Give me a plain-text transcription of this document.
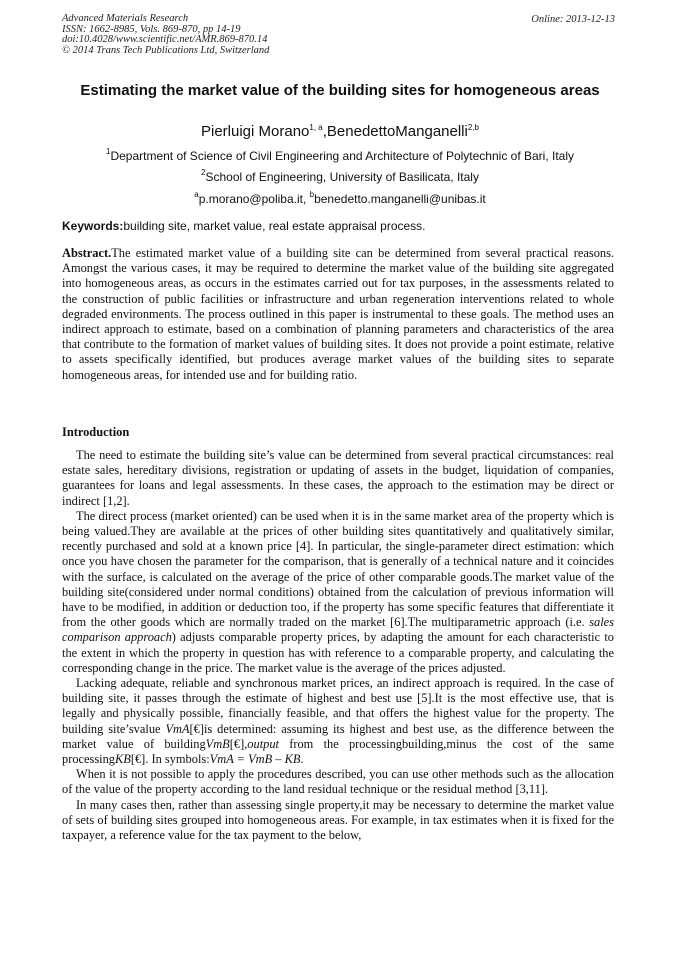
Advanced Materials Research
ISSN: 1662-8985, Vols. 869-870, pp 14-19
doi:10.4028/www.scientific.net/AMR.869-870.14
© 2014 Trans Tech Publications Ltd, Switzerland
Online: 2013-12-13
Estimating the market value of the building sites for homogeneous areas
Pierluigi Morano$^{1, a}$,BenedettoManganelli$^{2,b}$
$^1$Department of Science of Civil Engineering and Architecture of Polytechnic of Bari, Italy
$^2$School of Engineering, University of Basilicata, Italy
$^a$p.morano@poliba.it, $^b$benedetto.manganelli@unibas.it
Keywords:building site, market value, real estate appraisal process.
Abstract.The estimated market value of a building site can be determined from several practical reasons. Amongst the various cases, it may be required to determine the market value of the building site aggregated into homogeneous areas, as occurs in the estimates carried out for tax purposes, in the assessments related to the construction of public facilities or infrastructure and urban regeneration interventions related to whole degraded environments. The process outlined in this paper is instrumental to these goals. The method uses an indirect approach to estimate, based on a combination of planning parameters and characteristics of the area that contribute to the formation of market values of building sites. It does not provide a point estimate, relative to assets specifically identified, but produces average market values of the building sites to separate homogeneous areas, for intended use and for building ratio.
Introduction

The need to estimate the building site’s value can be determined from several practical circumstances: real estate sales, hereditary divisions, registration or updating of assets in the budget, liquidation of companies, guarantees for loans and legal assessments. In these cases, the approach to the estimation may be direct or indirect [1,2].

The direct process (market oriented) can be used when it is in the same market area of the property which is being valued.They are available at the prices of other building sites quantitatively and qualitatively similar, recently purchased and sold at a known price [4]. In particular, the single-parameter direct estimation: which once you have chosen the parameter for the comparison, that is generally of a technical nature and it coincides with the surface, is calculated on the average of the price of other comparable goods.The market value of the building site(considered under normal conditions) obtained from the calculation of previous information will have to be modified, in addition or deduction too, if the property has some specific features that differentiate it from the other goods which are normally traded on the market [6].The multiparametric approach (i.e. sales comparison approach) adjusts comparable property prices, by adapting the amount for each characteristic to the extent in which the property in question has with reference to a comparable property, and calculating the corresponding change in the price. The market value is the average of the prices adjusted.

Lacking adequate, reliable and synchronous market prices, an indirect approach is required. In the case of building site, it passes through the estimate of highest and best use [5].It is the most effective use, that is legally and physically possible, financially feasible, and that offers the highest value for the property. The building site’svalue VmA[€]is determined: assuming its highest and best use, as the difference between the market value of buildingVmB[€],output from the processingbuilding,minus the cost of the same processingKB[€]. In symbols:VmA = VmB – KB.

When it is not possible to apply the procedures described, you can use other methods such as the allocation of the value of the property according to the land residual technique or the residual method [3,11].

In many cases then, rather than assessing single property,it may be necessary to determine the market value of sets of building sites grouped into homogeneous areas. For example, in tax estimates when it is fixed for the taxpayer, a reference value for the tax payment to the below,
